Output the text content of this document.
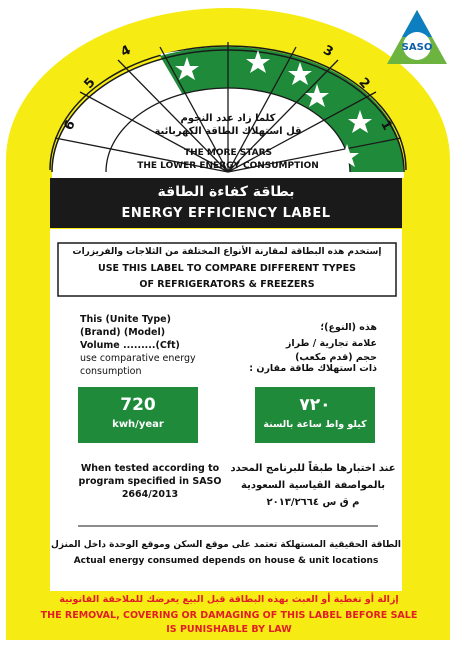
6
5
4	3
2
1
SASO
كلما زاد عدد النجوم
قل استهلاك الطاقة الكهربائية
THE MORE STARS
THE LOWER ENERGY CONSUMPTION
بطاقة كفاءة الطاقة
ENERGY EFFICIENCY LABEL
إستخدم هذه البطاقة لمقارنة الأنواع المختلفة من الثلاجات والفريزرات
USE THIS LABEL TO COMPARE DIFFERENT TYPES
OF REFRIGERATORS & FREEZERS
This (Unite Type)
(Brand) (Model)
Volume .........(Cft)
use comparative energy
consumption
هذه (النوع)؛
علامة تجارية / طراز
حجم (قدم مكعب)
ذات استهلاك طاقة مقارن :
720
kwh/year
٧٢٠
كيلو واط ساعة بالسنة
When tested according to
program specified in SASO
2664/2013
عند اختبارها طبقاً للبرنامج المحدد
بالمواصفة القياسية السعودية
م ق س ٢٠١٣/٢٦٦٤
الطاقة الحقيقية المستهلكة تعتمد على موقع السكن وموقع الوحدة داخل المنزل
Actual energy consumed depends on house & unit locations
إزالة أو تغطية أو العبث بهذه البطاقة قبل البيع يعرضك للملاحقة القانونية
THE REMOVAL, COVERING OR DAMAGING OF THIS LABEL BEFORE SALE
IS PUNISHABLE BY LAW
